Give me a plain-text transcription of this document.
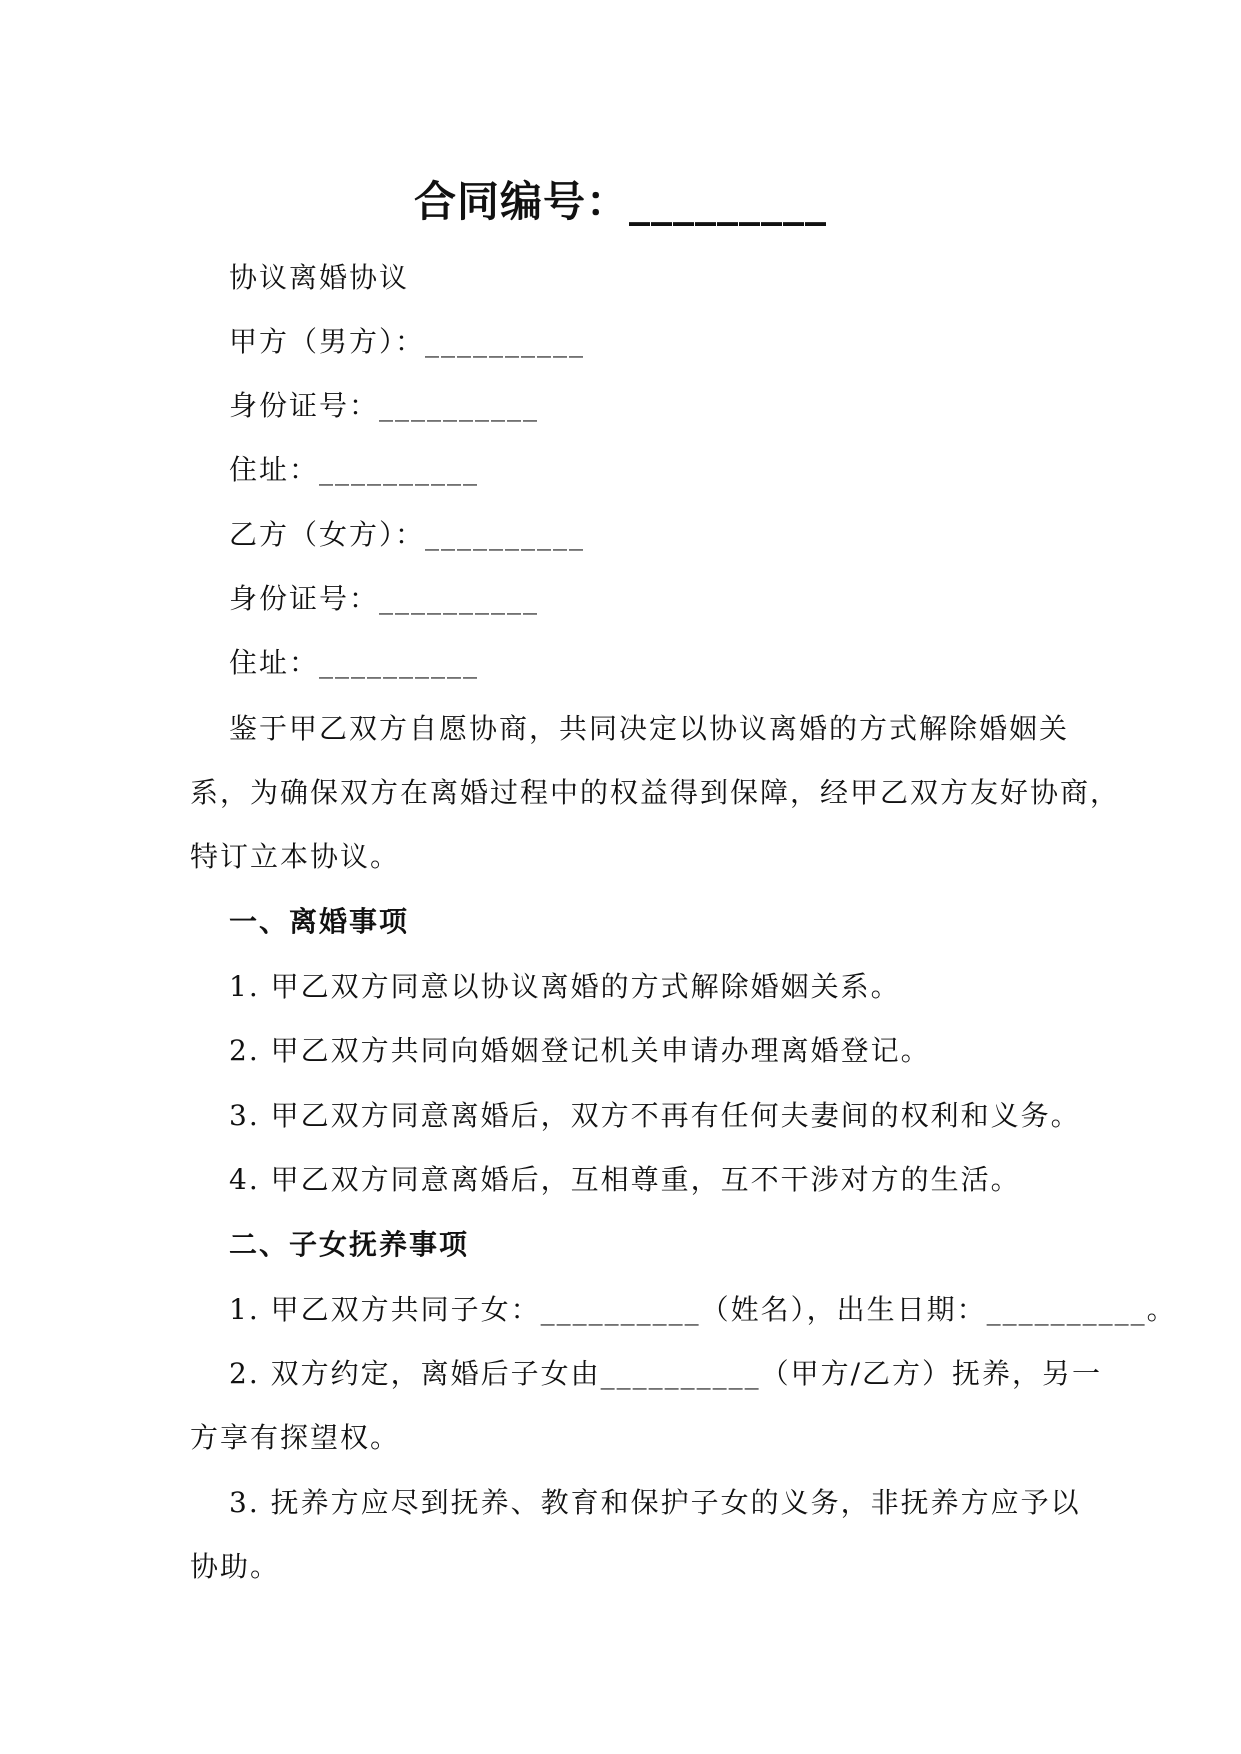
合同编号：_________
协议离婚协议
甲方（男方）：__________
身份证号：__________
住址：__________
乙方（女方）：__________
身份证号：__________
住址：__________
鉴于甲乙双方自愿协商，共同决定以协议离婚的方式解除婚姻关
系，为确保双方在离婚过程中的权益得到保障，经甲乙双方友好协商，
特订立本协议。
一、离婚事项
1. 甲乙双方同意以协议离婚的方式解除婚姻关系。
2. 甲乙双方共同向婚姻登记机关申请办理离婚登记。
3. 甲乙双方同意离婚后，双方不再有任何夫妻间的权利和义务。
4. 甲乙双方同意离婚后，互相尊重，互不干涉对方的生活。
二、子女抚养事项
1. 甲乙双方共同子女：__________（姓名），出生日期：__________。
2. 双方约定，离婚后子女由__________（甲方/乙方）抚养，另一
方享有探望权。
3. 抚养方应尽到抚养、教育和保护子女的义务，非抚养方应予以
协助。
